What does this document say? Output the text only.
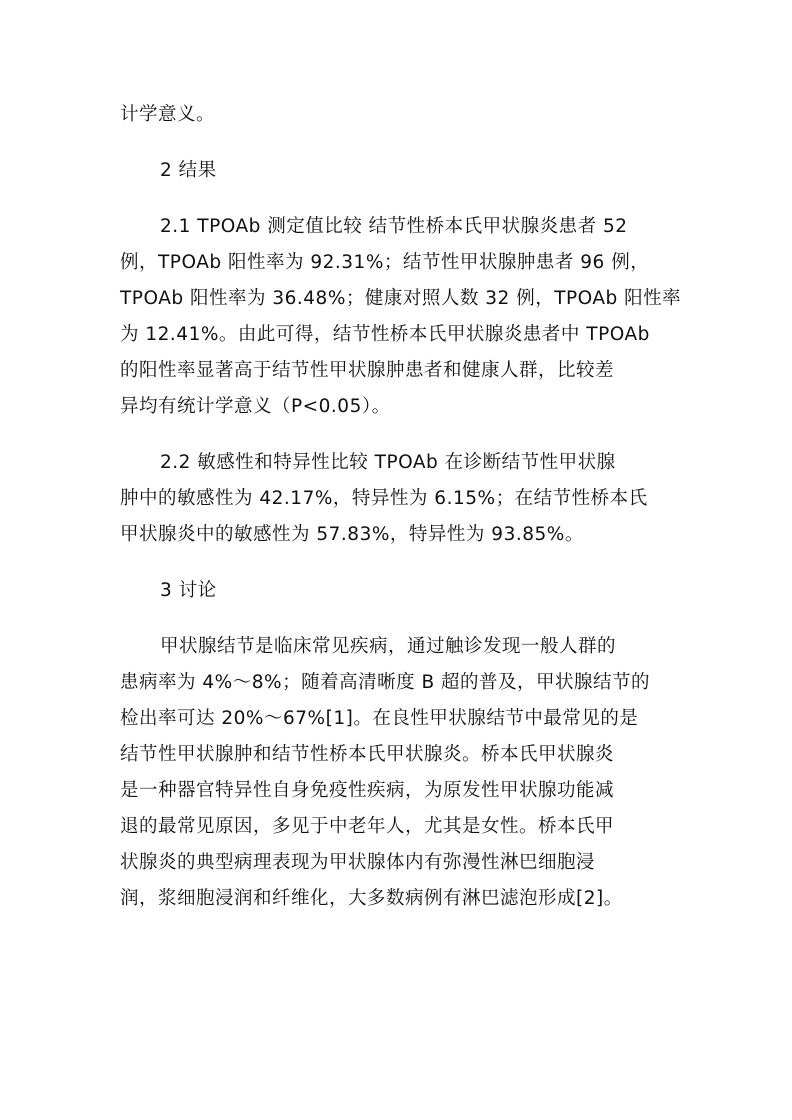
计学意义。
2 结果
2.1 TPOAb 测定值比较 结节性桥本氏甲状腺炎患者 52
例，TPOAb 阳性率为 92.31%；结节性甲状腺肿患者 96 例，
TPOAb 阳性率为 36.48%；健康对照人数 32 例，TPOAb 阳性率
为 12.41%。由此可得，结节性桥本氏甲状腺炎患者中 TPOAb
的阳性率显著高于结节性甲状腺肿患者和健康人群，比较差
异均有统计学意义（P<0.05）。
2.2 敏感性和特异性比较 TPOAb 在诊断结节性甲状腺
肿中的敏感性为 42.17%，特异性为 6.15%；在结节性桥本氏
甲状腺炎中的敏感性为 57.83%，特异性为 93.85%。
3 讨论
甲状腺结节是临床常见疾病，通过触诊发现一般人群的
患病率为 4%～8%；随着高清晰度 B 超的普及，甲状腺结节的
检出率可达 20%～67%[1]。在良性甲状腺结节中最常见的是
结节性甲状腺肿和结节性桥本氏甲状腺炎。桥本氏甲状腺炎
是一种器官特异性自身免疫性疾病，为原发性甲状腺功能减
退的最常见原因，多见于中老年人，尤其是女性。桥本氏甲
状腺炎的典型病理表现为甲状腺体内有弥漫性淋巴细胞浸
润，浆细胞浸润和纤维化，大多数病例有淋巴滤泡形成[2]。
